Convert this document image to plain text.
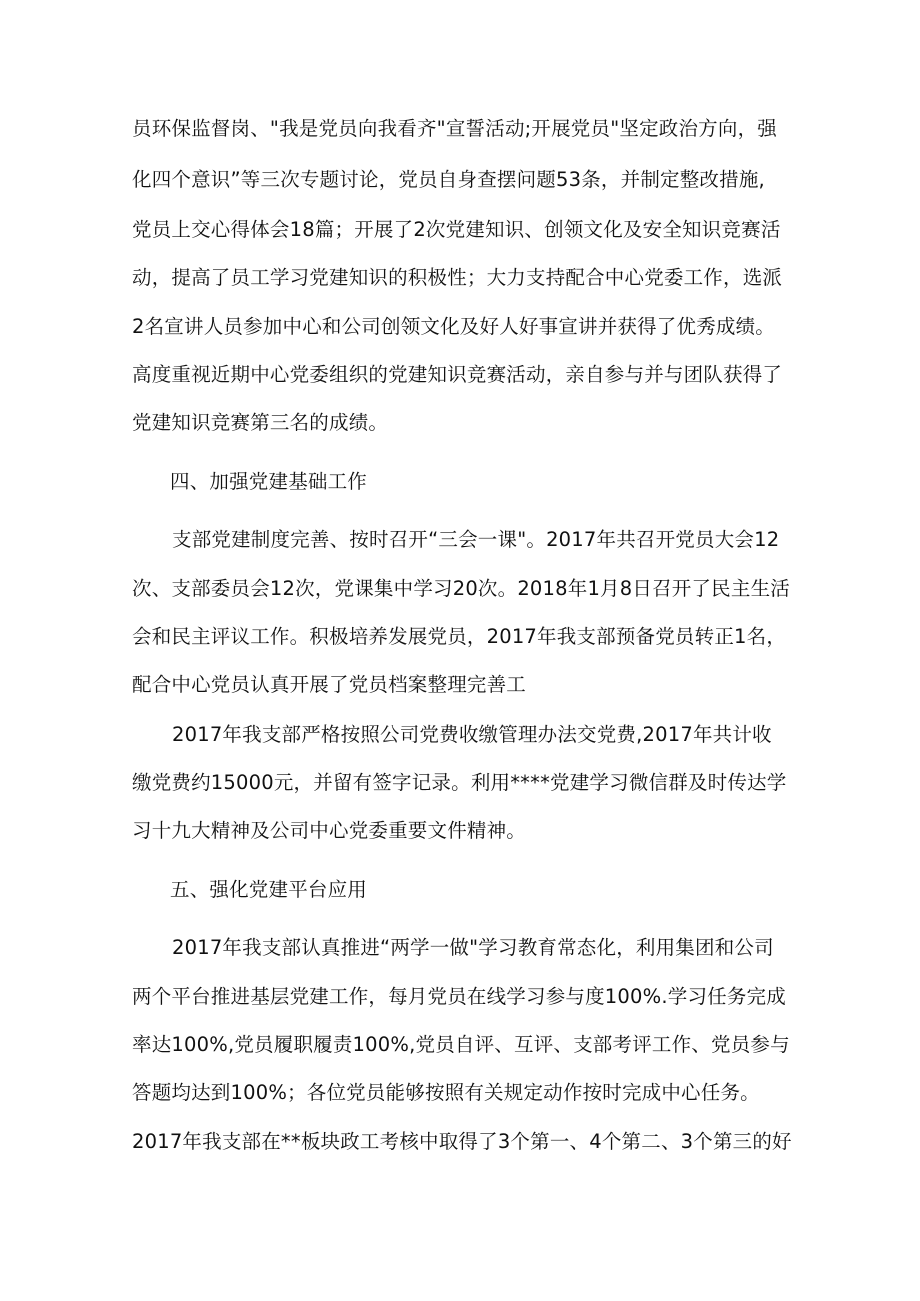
员环保监督岗、"我是党员向我看齐"宣誓活动;开展党员"坚定政治方向，强
化四个意识”等三次专题讨论，党员自身查摆问题53条，并制定整改措施,
党员上交心得体会18篇；开展了2次党建知识、创领文化及安全知识竞赛活
动，提高了员工学习党建知识的积极性；大力支持配合中心党委工作，选派
2名宣讲人员参加中心和公司创领文化及好人好事宣讲并获得了优秀成绩。
高度重视近期中心党委组织的党建知识竞赛活动，亲自参与并与团队获得了
党建知识竞赛第三名的成绩。
四、加强党建基础工作
支部党建制度完善、按时召开“三会一课"。2017年共召开党员大会12
次、支部委员会12次，党课集中学习20次。2018年1月8日召开了民主生活
会和民主评议工作。积极培养发展党员，2017年我支部预备党员转正1名，
配合中心党员认真开展了党员档案整理完善工
2017年我支部严格按照公司党费收缴管理办法交党费,2017年共计收
缴党费约15000元，并留有签字记录。利用****党建学习微信群及时传达学
习十九大精神及公司中心党委重要文件精神。
五、强化党建平台应用
2017年我支部认真推进“两学一做"学习教育常态化，利用集团和公司
两个平台推进基层党建工作，每月党员在线学习参与度100%.学习任务完成
率达100%,党员履职履责100%,党员自评、互评、支部考评工作、党员参与
答题均达到100%；各位党员能够按照有关规定动作按时完成中心任务。
2017年我支部在**板块政工考核中取得了3个第一、4个第二、3个第三的好
